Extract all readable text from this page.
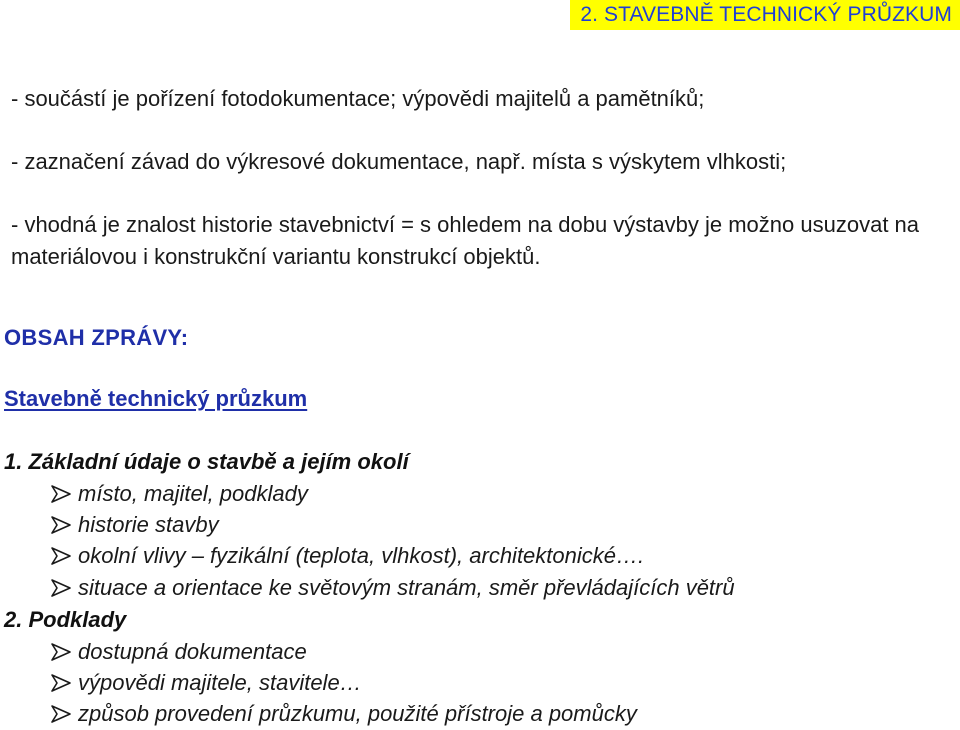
2. STAVEBNĚ TECHNICKÝ PRŮZKUM

- součástí je pořízení fotodokumentace; výpovědi majitelů a pamětníků;

- zaznačení závad do výkresové dokumentace, např. místa s výskytem vlhkosti;

- vhodná je znalost historie stavebnictví = s ohledem na dobu výstavby je možno usuzovat na materiálovou i konstrukční variantu konstrukcí objektů.

OBSAH ZPRÁVY:
Stavebně technický průzkum
1. Základní údaje o stavbě a jejím okolí
místo, majitel, podklady
historie stavby
okolní vlivy – fyzikální (teplota, vlhkost), architektonické….
situace a orientace ke světovým stranám, směr převládajících větrů
2. Podklady
dostupná dokumentace
výpovědi majitele, stavitele…
způsob provedení průzkumu, použité přístroje a pomůcky
